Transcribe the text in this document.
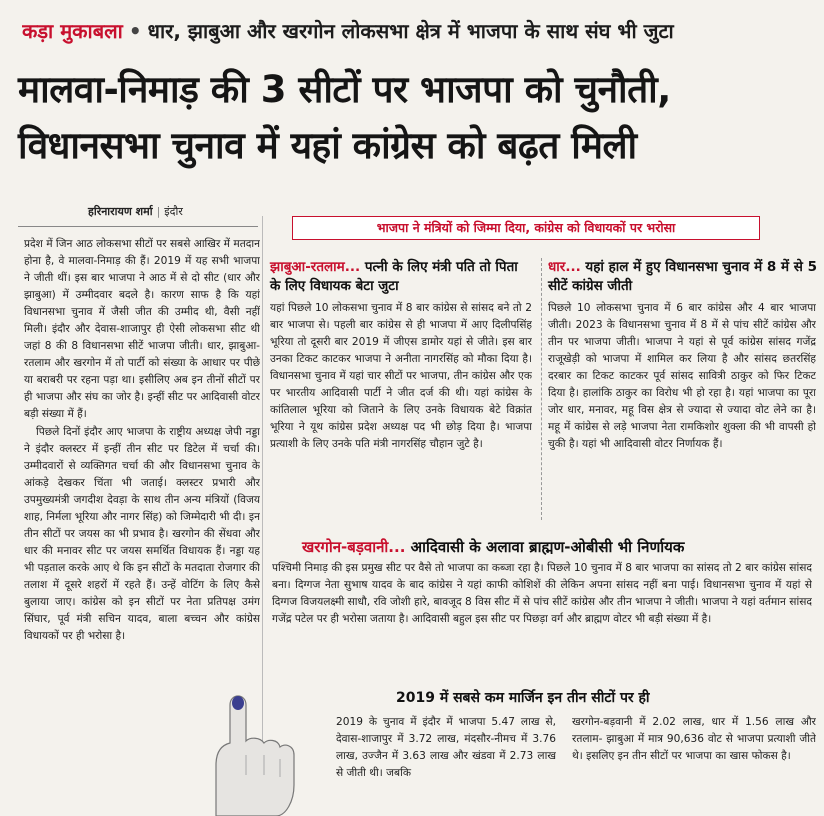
कड़ा मुकाबला • धार, झाबुआ और खरगोन लोकसभा क्षेत्र में भाजपा के साथ संघ भी जुटा
मालवा-निमाड़ की 3 सीटों पर भाजपा को चुनौती,
विधानसभा चुनाव में यहां कांग्रेस को बढ़त मिली
हरिनारायण शर्मा | इंदौर

प्रदेश में जिन आठ लोकसभा सीटों पर सबसे आखिर में मतदान होना है, वे मालवा-निमाड़ की हैं। 2019 में यह सभी भाजपा ने जीती थीं। इस बार भाजपा ने आठ में से दो सीट (धार और झाबुआ) में उम्मीदवार बदले है। कारण साफ है कि यहां विधानसभा चुनाव में जैसी जीत की उम्मीद थी, वैसी नहीं मिली। इंदौर और देवास-शाजापुर ही ऐसी लोकसभा सीट थी जहां 8 की 8 विधानसभा सीटें भाजपा जीती। धार, झाबुआ-रतलाम और खरगोन में तो पार्टी को संख्या के आधार पर पीछे या बराबरी पर रहना पड़ा था। इसीलिए अब इन तीनों सीटों पर ही भाजपा और संघ का जोर है। इन्हीं सीट पर आदिवासी वोटर बड़ी संख्या में हैं।

पिछले दिनों इंदौर आए भाजपा के राष्ट्रीय अध्यक्ष जेपी नड्डा ने इंदौर क्लस्टर में इन्हीं तीन सीट पर डिटेल में चर्चा की। उम्मीदवारों से व्यक्तिगत चर्चा की और विधानसभा चुनाव के आंकड़े देखकर चिंता भी जताई। क्लस्टर प्रभारी और उपमुख्यमंत्री जगदीश देवड़ा के साथ तीन अन्य मंत्रियों (विजय शाह, निर्मला भूरिया और नागर सिंह) को जिम्मेदारी भी दी। इन तीन सीटों पर जयस का भी प्रभाव है। खरगोन की सेंधवा और धार की मनावर सीट पर जयस समर्थित विधायक हैं। नड्डा यह भी पड़ताल करके आए थे कि इन सीटों के मतदाता रोजगार की तलाश में दूसरे शहरों में रहते हैं। उन्हें वोटिंग के लिए कैसे बुलाया जाए। कांग्रेस को इन सीटों पर नेता प्रतिपक्ष उमंग सिंघार, पूर्व मंत्री सचिन यादव, बाला बच्चन और कांग्रेस विधायकों पर ही भरोसा है।

भाजपा ने मंत्रियों को जिम्मा दिया, कांग्रेस को विधायकों पर भरोसा
झाबुआ-रतलाम... पत्नी के लिए मंत्री पति तो पिता के लिए विधायक बेटा जुटा
यहां पिछले 10 लोकसभा चुनाव में 8 बार कांग्रेस से सांसद बने तो 2 बार भाजपा से। पहली बार कांग्रेस से ही भाजपा में आए दिलीपसिंह भूरिया तो दूसरी बार 2019 में जीएस डामोर यहां से जीते। इस बार उनका टिकट काटकर भाजपा ने अनीता नागरसिंह को मौका दिया है। विधानसभा चुनाव में यहां चार सीटों पर भाजपा, तीन कांग्रेस और एक पर भारतीय आदिवासी पार्टी ने जीत दर्ज की थी। यहां कांग्रेस के कांतिलाल भूरिया को जिताने के लिए उनके विधायक बेटे विक्रांत भूरिया ने यूथ कांग्रेस प्रदेश अध्यक्ष पद भी छोड़ दिया है। भाजपा प्रत्याशी के लिए उनके पति मंत्री नागरसिंह चौहान जुटे है।
धार... यहां हाल में हुए विधानसभा चुनाव में 8 में से 5 सीटें कांग्रेस जीती
पिछले 10 लोकसभा चुनाव में 6 बार कांग्रेस और 4 बार भाजपा जीती। 2023 के विधानसभा चुनाव में 8 में से पांच सीटें कांग्रेस और तीन पर भाजपा जीती। भाजपा ने यहां से पूर्व कांग्रेस सांसद गजेंद्र राजूखेड़ी को भाजपा में शामिल कर लिया है और सांसद छतरसिंह दरबार का टिकट काटकर पूर्व सांसद सावित्री ठाकुर को फिर टिकट दिया है। हालांकि ठाकुर का विरोध भी हो रहा है। यहां भाजपा का पूरा जोर धार, मनावर, महू विस क्षेत्र से ज्यादा से ज्यादा वोट लेने का है। महू में कांग्रेस से लड़े भाजपा नेता रामकिशोर शुक्ला की भी वापसी हो चुकी है। यहां भी आदिवासी वोटर निर्णायक हैं।
खरगोन-बड़वानी... आदिवासी के अलावा ब्राह्मण-ओबीसी भी निर्णायक
पश्चिमी निमाड़ की इस प्रमुख सीट पर वैसे तो भाजपा का कब्जा रहा है। पिछले 10 चुनाव में 8 बार भाजपा का सांसद तो 2 बार कांग्रेस सांसद बना। दिग्गज नेता सुभाष यादव के बाद कांग्रेस ने यहां काफी कोशिशें की लेकिन अपना सांसद नहीं बना पाई। विधानसभा चुनाव में यहां से दिग्गज विजयलक्ष्मी साधौ, रवि जोशी हारे, बावजूद 8 विस सीट में से पांच सीटें कांग्रेस और तीन भाजपा ने जीती। भाजपा ने यहां वर्तमान सांसद गजेंद्र पटेल पर ही भरोसा जताया है। आदिवासी बहुल इस सीट पर पिछड़ा वर्ग और ब्राह्मण वोटर भी बड़ी संख्या में है।
2019 में सबसे कम मार्जिन इन तीन सीटों पर ही
2019 के चुनाव में इंदौर में भाजपा 5.47 लाख से, देवास-शाजापुर में 3.72 लाख, मंदसौर-नीमच में 3.76 लाख, उज्जैन में 3.63 लाख और खंडवा में 2.73 लाख से जीती थी। जबकि
खरगोन-बड़वानी में 2.02 लाख, धार में 1.56 लाख और रतलाम- झाबुआ में मात्र 90,636 वोट से भाजपा प्रत्याशी जीते थे। इसलिए इन तीन सीटों पर भाजपा का खास फोकस है।
